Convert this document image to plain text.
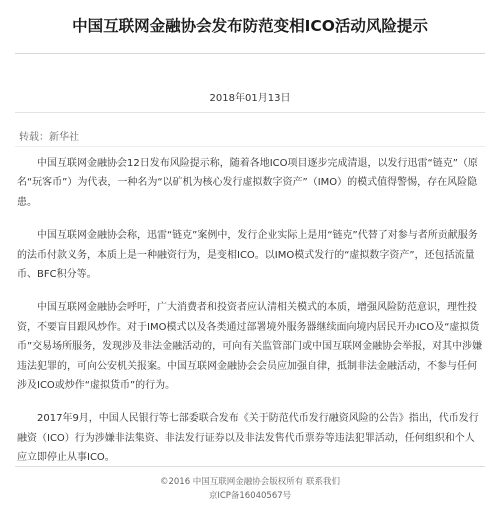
中国互联网金融协会发布防范变相ICO活动风险提示
2018年01月13日
转载：新华社

中国互联网金融协会12日发布风险提示称，随着各地ICO项目逐步完成清退，以发行迅雷“链克”（原名“玩客币”）为代表，一种名为“以矿机为核心发行虚拟数字资产”（IMO）的模式值得警惕，存在风险隐患。

中国互联网金融协会称，迅雷“链克”案例中，发行企业实际上是用“链克”代替了对参与者所贡献服务的法币付款义务，本质上是一种融资行为，是变相ICO。以IMO模式发行的“虚拟数字资产”，还包括流量币、BFC积分等。

中国互联网金融协会呼吁，广大消费者和投资者应认清相关模式的本质，增强风险防范意识，理性投资，不要盲目跟风炒作。对于IMO模式以及各类通过部署境外服务器继续面向境内居民开办ICO及“虚拟货币”交易场所服务，发现涉及非法金融活动的，可向有关监管部门或中国互联网金融协会举报，对其中涉嫌违法犯罪的，可向公安机关报案。中国互联网金融协会会员应加强自律，抵制非法金融活动，不参与任何涉及ICO或炒作“虚拟货币”的行为。

2017年9月，中国人民银行等七部委联合发布《关于防范代币发行融资风险的公告》指出，代币发行融资（ICO）行为涉嫌非法集资、非法发行证券以及非法发售代币票券等违法犯罪活动，任何组织和个人应立即停止从事ICO。

©2016 中国互联网金融协会版权所有 联系我们
京ICP备16040567号
